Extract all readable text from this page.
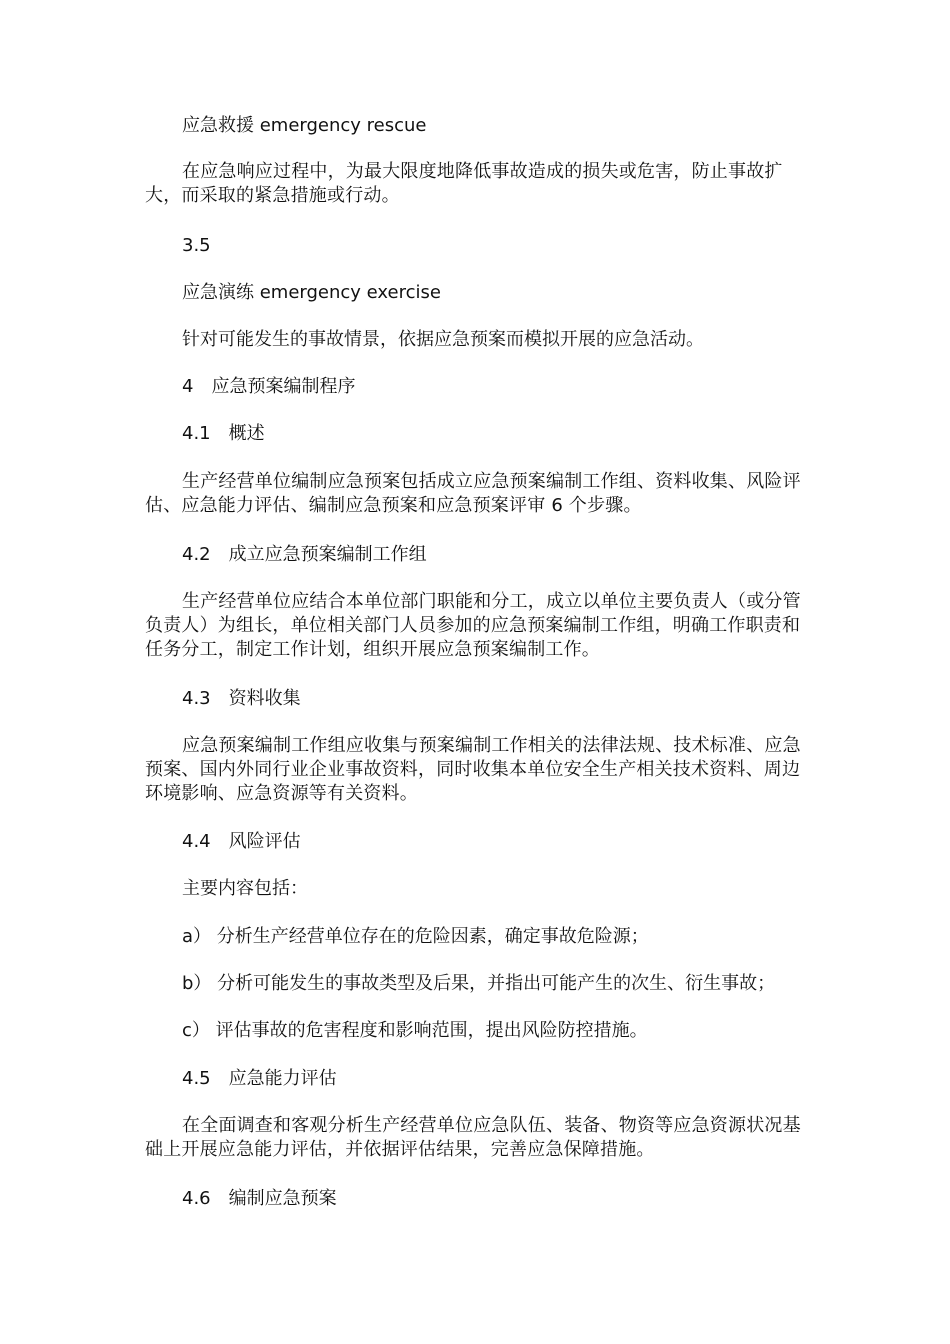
应急救援 emergency rescue

在应急响应过程中，为最大限度地降低事故造成的损失或危害，防止事故扩大，而采取的紧急措施或行动。

3.5

应急演练 emergency exercise

针对可能发生的事故情景，依据应急预案而模拟开展的应急活动。

4　应急预案编制程序

4.1　概述

生产经营单位编制应急预案包括成立应急预案编制工作组、资料收集、风险评估、应急能力评估、编制应急预案和应急预案评审 6 个步骤。

4.2　成立应急预案编制工作组

生产经营单位应结合本单位部门职能和分工，成立以单位主要负责人（或分管负责人）为组长，单位相关部门人员参加的应急预案编制工作组，明确工作职责和任务分工，制定工作计划，组织开展应急预案编制工作。

4.3　资料收集

应急预案编制工作组应收集与预案编制工作相关的法律法规、技术标准、应急预案、国内外同行业企业事故资料，同时收集本单位安全生产相关技术资料、周边环境影响、应急资源等有关资料。

4.4　风险评估

主要内容包括：

a） 分析生产经营单位存在的危险因素，确定事故危险源；

b） 分析可能发生的事故类型及后果，并指出可能产生的次生、衍生事故；

c） 评估事故的危害程度和影响范围，提出风险防控措施。

4.5　应急能力评估

在全面调查和客观分析生产经营单位应急队伍、装备、物资等应急资源状况基础上开展应急能力评估，并依据评估结果，完善应急保障措施。

4.6　编制应急预案
